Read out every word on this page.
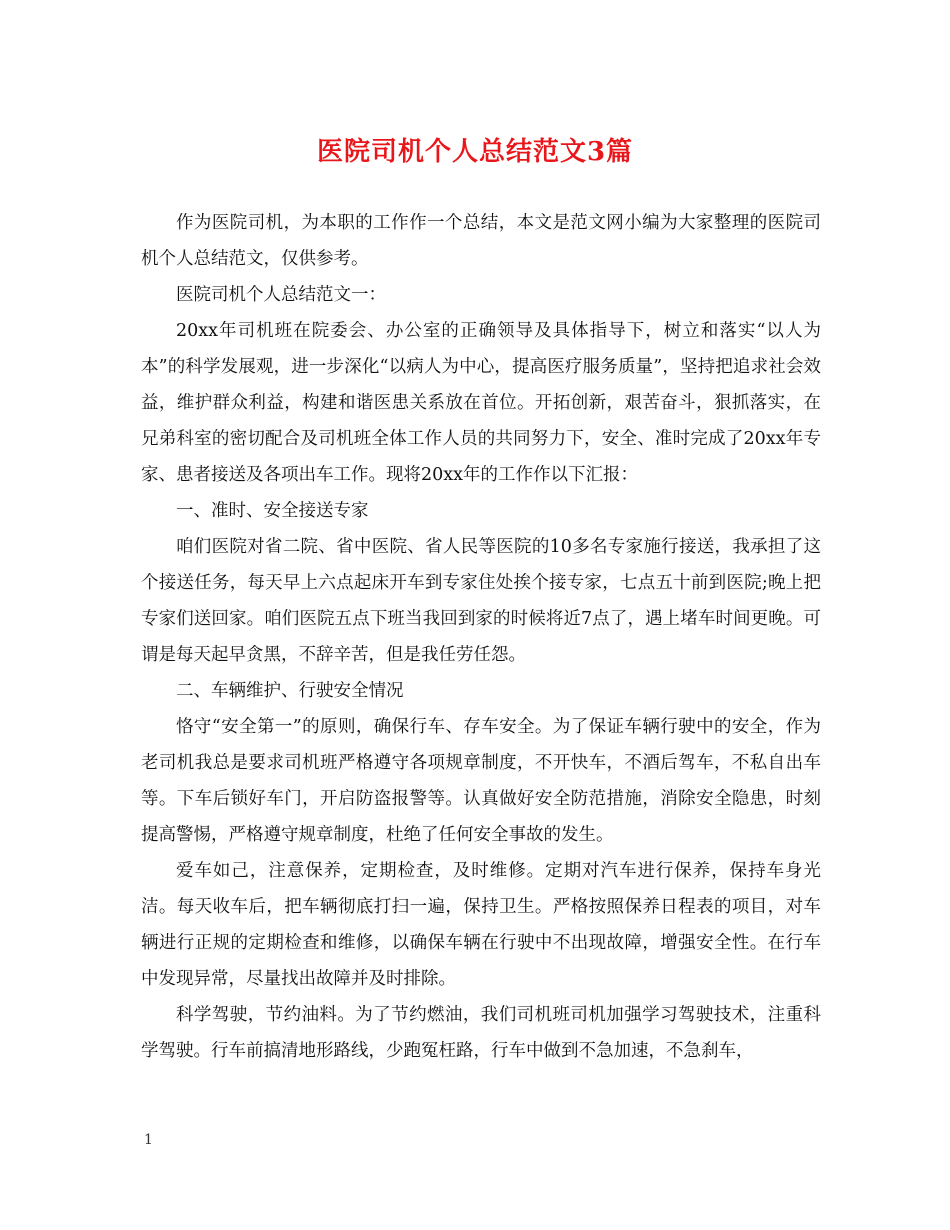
医院司机个人总结范文3篇

作为医院司机，为本职的工作作一个总结，本文是范文网小编为大家整理的医院司机个人总结范文，仅供参考。

医院司机个人总结范文一：

20xx年司机班在院委会、办公室的正确领导及具体指导下，树立和落实“以人为本”的科学发展观，进一步深化“以病人为中心，提高医疗服务质量”，坚持把追求社会效益，维护群众利益，构建和谐医患关系放在首位。开拓创新，艰苦奋斗，狠抓落实，在兄弟科室的密切配合及司机班全体工作人员的共同努力下，安全、准时完成了20xx年专家、患者接送及各项出车工作。现将20xx年的工作作以下汇报：

一、准时、安全接送专家

咱们医院对省二院、省中医院、省人民等医院的10多名专家施行接送，我承担了这个接送任务，每天早上六点起床开车到专家住处挨个接专家，七点五十前到医院;晚上把专家们送回家。咱们医院五点下班当我回到家的时候将近7点了，遇上堵车时间更晚。可谓是每天起早贪黑，不辞辛苦，但是我任劳任怨。

二、车辆维护、行驶安全情况

恪守“安全第一”的原则，确保行车、存车安全。为了保证车辆行驶中的安全，作为老司机我总是要求司机班严格遵守各项规章制度，不开快车，不酒后驾车，不私自出车等。下车后锁好车门，开启防盗报警等。认真做好安全防范措施，消除安全隐患，时刻提高警惕，严格遵守规章制度，杜绝了任何安全事故的发生。

爱车如己，注意保养，定期检查，及时维修。定期对汽车进行保养，保持车身光洁。每天收车后，把车辆彻底打扫一遍，保持卫生。严格按照保养日程表的项目，对车辆进行正规的定期检查和维修，以确保车辆在行驶中不出现故障，增强安全性。在行车中发现异常，尽量找出故障并及时排除。

科学驾驶，节约油料。为了节约燃油，我们司机班司机加强学习驾驶技术，注重科学驾驶。行车前搞清地形路线，少跑冤枉路，行车中做到不急加速，不急刹车，

1
